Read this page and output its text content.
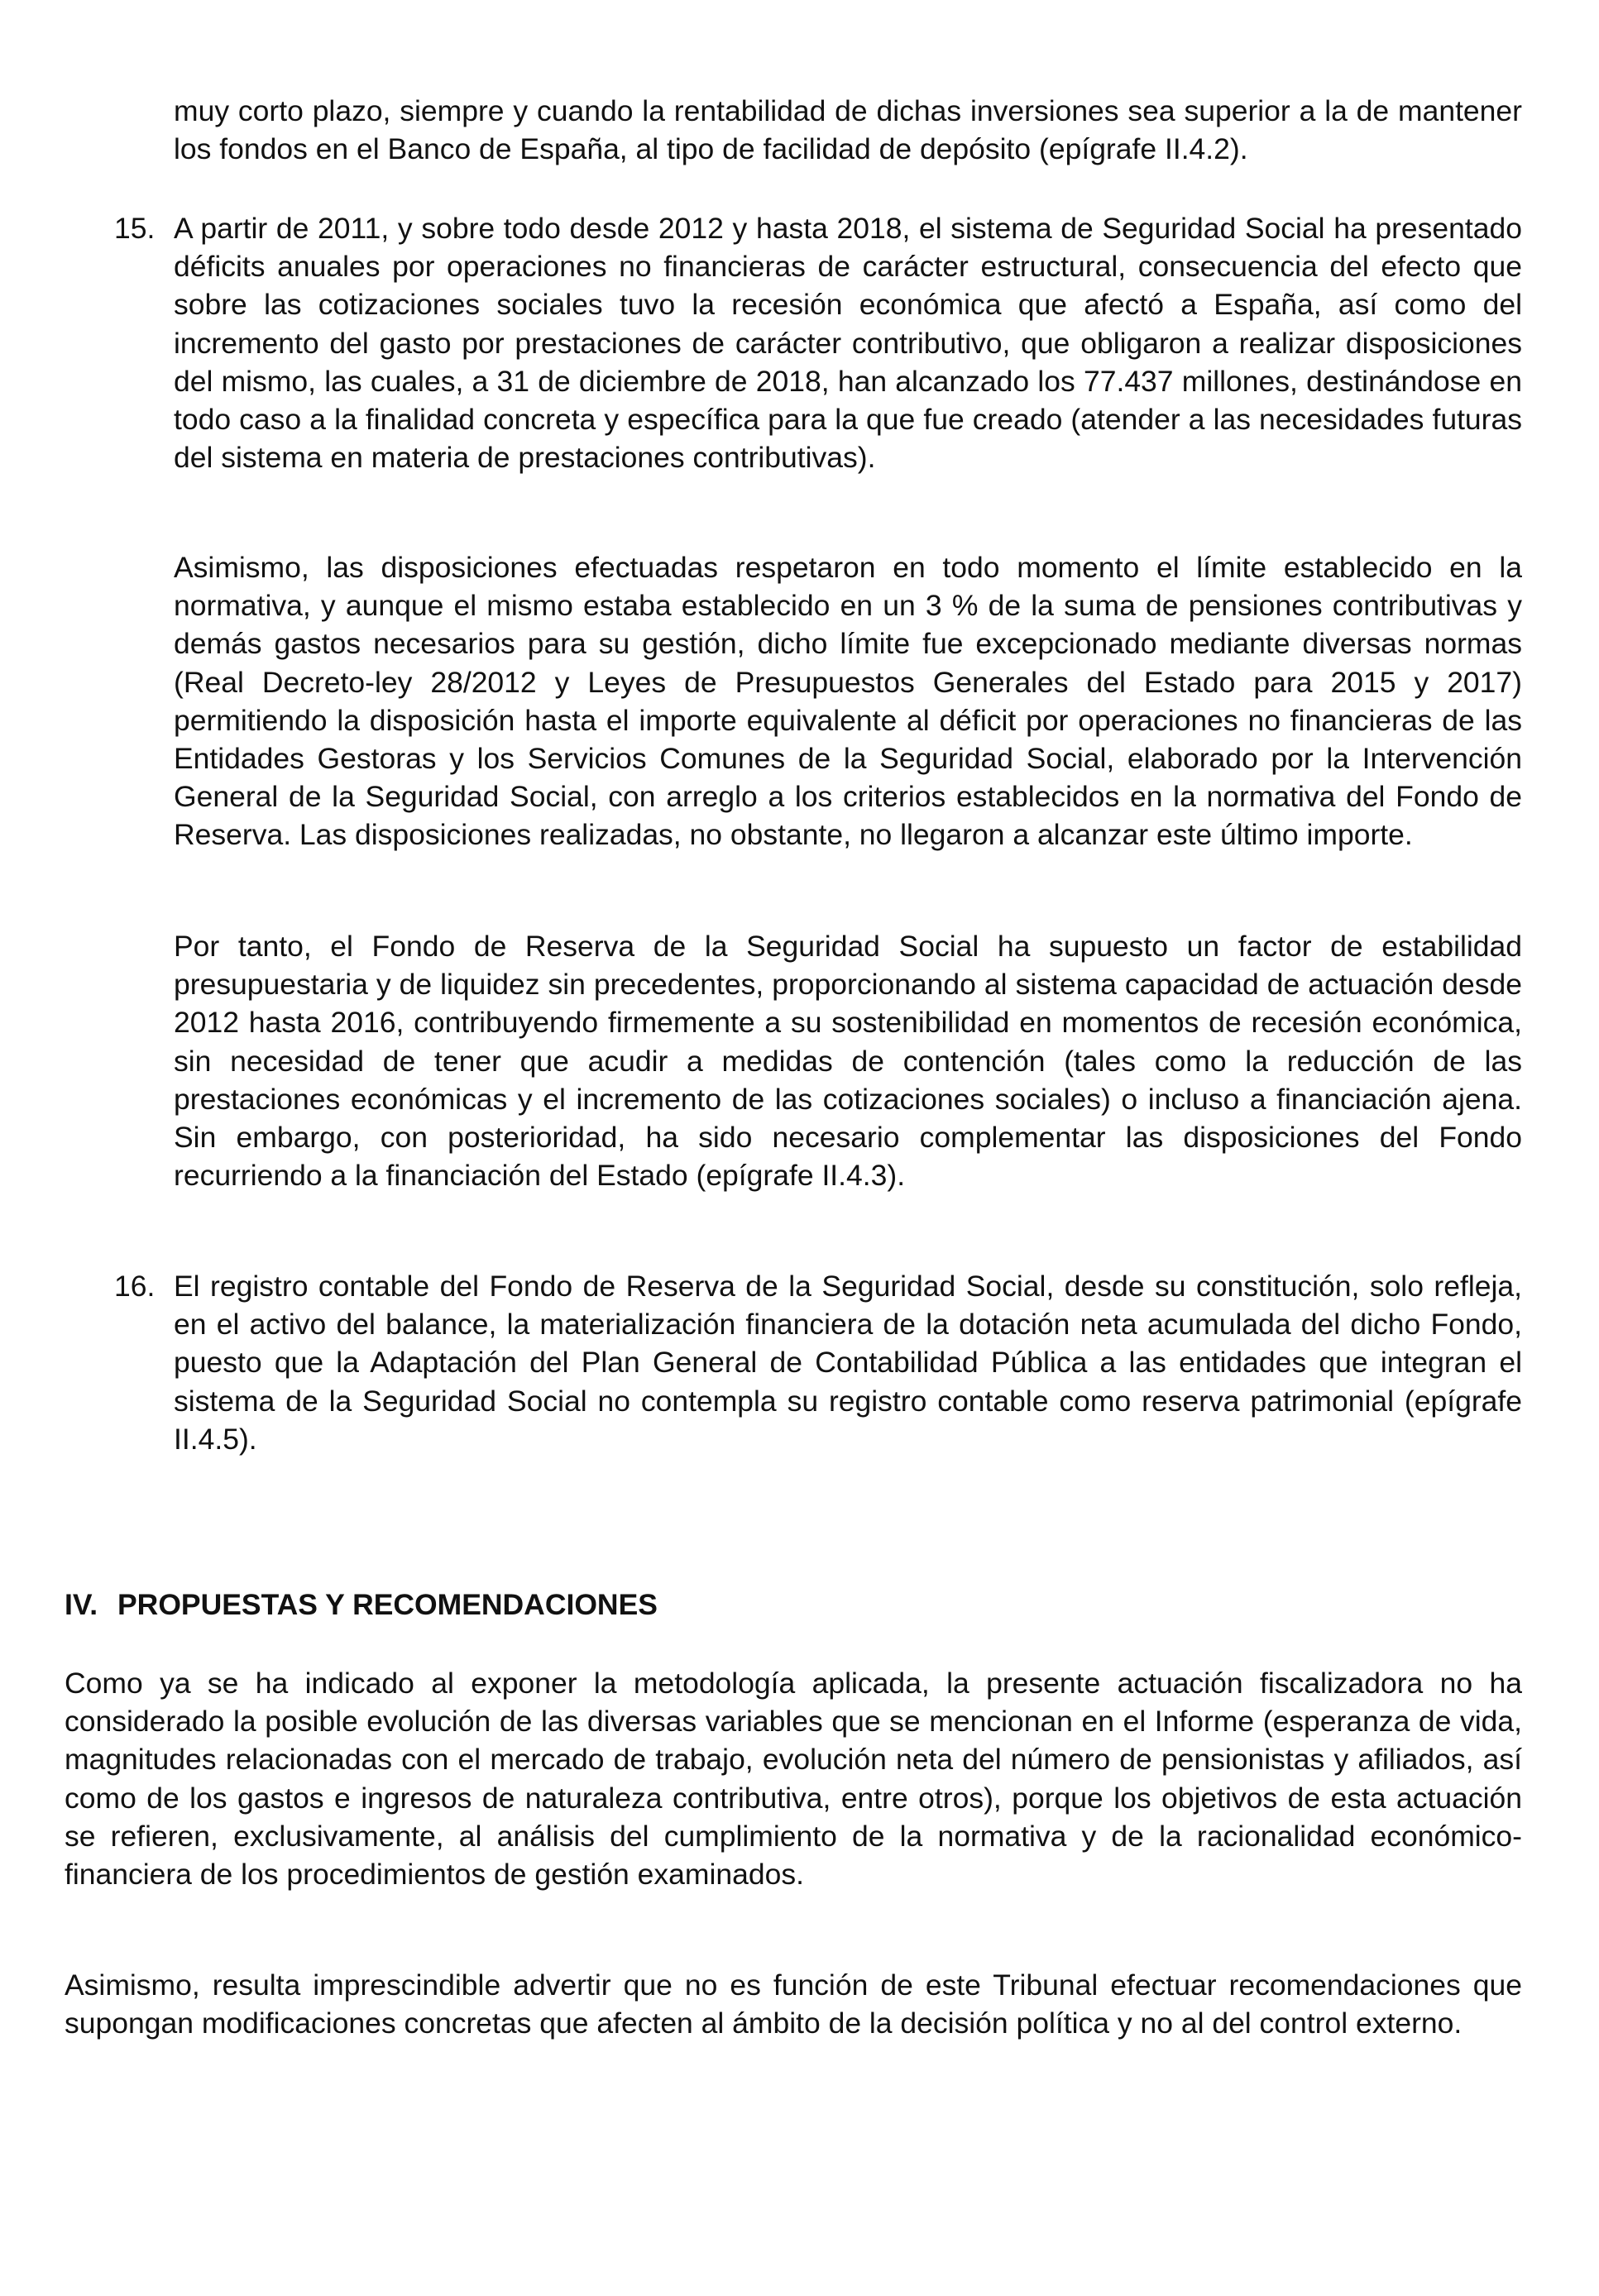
muy corto plazo, siempre y cuando la rentabilidad de dichas inversiones sea superior a la de mantener los fondos en el Banco de España, al tipo de facilidad de depósito (epígrafe II.4.2).

15. A partir de 2011, y sobre todo desde 2012 y hasta 2018, el sistema de Seguridad Social ha presentado déficits anuales por operaciones no financieras de carácter estructural, consecuencia del efecto que sobre las cotizaciones sociales tuvo la recesión económica que afectó a España, así como del incremento del gasto por prestaciones de carácter contributivo, que obligaron a realizar disposiciones del mismo, las cuales, a 31 de diciembre de 2018, han alcanzado los 77.437 millones, destinándose en todo caso a la finalidad concreta y específica para la que fue creado (atender a las necesidades futuras del sistema en materia de prestaciones contributivas).

Asimismo, las disposiciones efectuadas respetaron en todo momento el límite establecido en la normativa, y aunque el mismo estaba establecido en un 3 % de la suma de pensiones contributivas y demás gastos necesarios para su gestión, dicho límite fue excepcionado mediante diversas normas (Real Decreto-ley 28/2012 y Leyes de Presupuestos Generales del Estado para 2015 y 2017) permitiendo la disposición hasta el importe equivalente al déficit por operaciones no financieras de las Entidades Gestoras y los Servicios Comunes de la Seguridad Social, elaborado por la Intervención General de la Seguridad Social, con arreglo a los criterios establecidos en la normativa del Fondo de Reserva. Las disposiciones realizadas, no obstante, no llegaron a alcanzar este último importe.

Por tanto, el Fondo de Reserva de la Seguridad Social ha supuesto un factor de estabilidad presupuestaria y de liquidez sin precedentes, proporcionando al sistema capacidad de actuación desde 2012 hasta 2016, contribuyendo firmemente a su sostenibilidad en momentos de recesión económica, sin necesidad de tener que acudir a medidas de contención (tales como la reducción de las prestaciones económicas y el incremento de las cotizaciones sociales) o incluso a financiación ajena. Sin embargo, con posterioridad, ha sido necesario complementar las disposiciones del Fondo recurriendo a la financiación del Estado (epígrafe II.4.3).

16. El registro contable del Fondo de Reserva de la Seguridad Social, desde su constitución, solo refleja, en el activo del balance, la materialización financiera de la dotación neta acumulada del dicho Fondo, puesto que la Adaptación del Plan General de Contabilidad Pública a las entidades que integran el sistema de la Seguridad Social no contempla su registro contable como reserva patrimonial (epígrafe II.4.5).

IV. PROPUESTAS Y RECOMENDACIONES

Como ya se ha indicado al exponer la metodología aplicada, la presente actuación fiscalizadora no ha considerado la posible evolución de las diversas variables que se mencionan en el Informe (esperanza de vida, magnitudes relacionadas con el mercado de trabajo, evolución neta del número de pensionistas y afiliados, así como de los gastos e ingresos de naturaleza contributiva, entre otros), porque los objetivos de esta actuación se refieren, exclusivamente, al análisis del cumplimiento de la normativa y de la racionalidad económico-financiera de los procedimientos de gestión examinados.

Asimismo, resulta imprescindible advertir que no es función de este Tribunal efectuar recomendaciones que supongan modificaciones concretas que afecten al ámbito de la decisión política y no al del control externo.
